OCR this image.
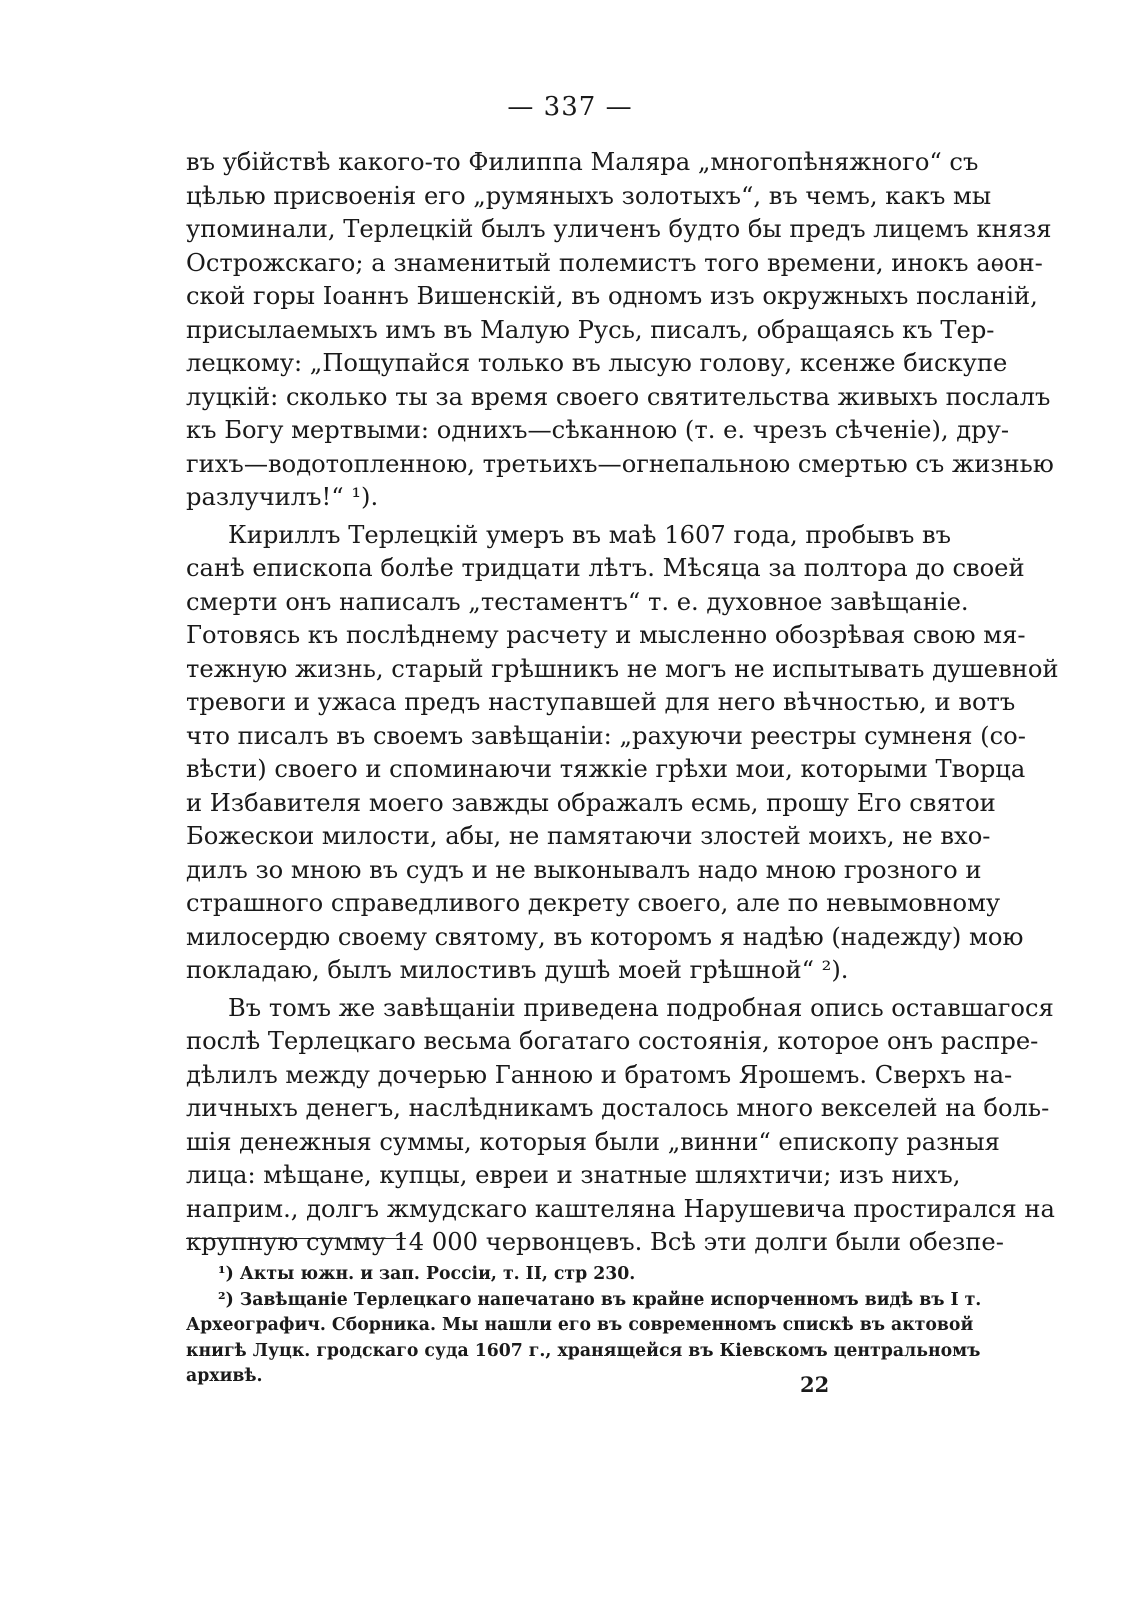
— 337 —
въ убійствѣ какого-то Филиппа Маляра „многопѣняжного“ съ
цѣлью присвоенія его „румяныхъ золотыхъ“, въ чемъ, какъ мы
упоминали, Терлецкій былъ уличенъ будто бы предъ лицемъ князя
Острожскаго; а знаменитый полемистъ того времени, инокъ аѳон-
ской горы Іоаннъ Вишенскій, въ одномъ изъ окружныхъ посланій,
присылаемыхъ имъ въ Малую Русь, писалъ, обращаясь къ Тер-
лецкому: „Пощупайся только въ лысую голову, ксенже бискупе
луцкій: сколько ты за время своего святительства живыхъ послалъ
къ Богу мертвыми: однихъ—сѣканною (т. е. чрезъ сѣченіе), дру-
гихъ—водотопленною, третьихъ—огнепальною смертью съ жизнью
разлучилъ!“ ¹).
Кириллъ Терлецкій умеръ въ маѣ 1607 года, пробывъ въ
санѣ епископа болѣе тридцати лѣтъ. Мѣсяца за полтора до своей
смерти онъ написалъ „тестаментъ“ т. е. духовное завѣщаніе.
Готовясь къ послѣднему расчету и мысленно обозрѣвая свою мя-
тежную жизнь, старый грѣшникъ не могъ не испытывать душевной
тревоги и ужаса предъ наступавшей для него вѣчностью, и вотъ
что писалъ въ своемъ завѣщаніи: „рахуючи реестры сумненя (со-
вѣсти) своего и споминаючи тяжкіе грѣхи мои, которыми Творца
и Избавителя моего завжды ображалъ есмь, прошу Его святои
Божескои милости, абы, не памятаючи злостей моихъ, не вхо-
дилъ зо мною въ судъ и не выконывалъ надо мною грозного и
страшного справедливого декрету своего, але по невымовному
милосердю своему святому, въ которомъ я надѣю (надежду) мою
покладаю, былъ милостивъ душѣ моей грѣшной“ ²).
Въ томъ же завѣщаніи приведена подробная опись оставшагося
послѣ Терлецкаго весьма богатаго состоянія, которое онъ распре-
дѣлилъ между дочерью Ганною и братомъ Ярошемъ. Сверхъ на-
личныхъ денегъ, наслѣдникамъ досталось много векселей на боль-
шія денежныя суммы, которыя были „винни“ епископу разныя
лица: мѣщане, купцы, евреи и знатные шляхтичи; изъ нихъ,
наприм., долгъ жмудскаго каштеляна Нарушевича простирался на
крупную сумму 14 000 червонцевъ. Всѣ эти долги были обезпе-
¹) Акты южн. и зап. Россіи, т. II, стр 230.
²) Завѣщаніе Терлецкаго напечатано въ крайне испорченномъ видѣ въ I т.
Археографич. Сборника. Мы нашли его въ современномъ спискѣ въ актовой
книгѣ Луцк. гродскаго суда 1607 г., хранящейся въ Кіевскомъ центральномъ
архивѣ.	22
